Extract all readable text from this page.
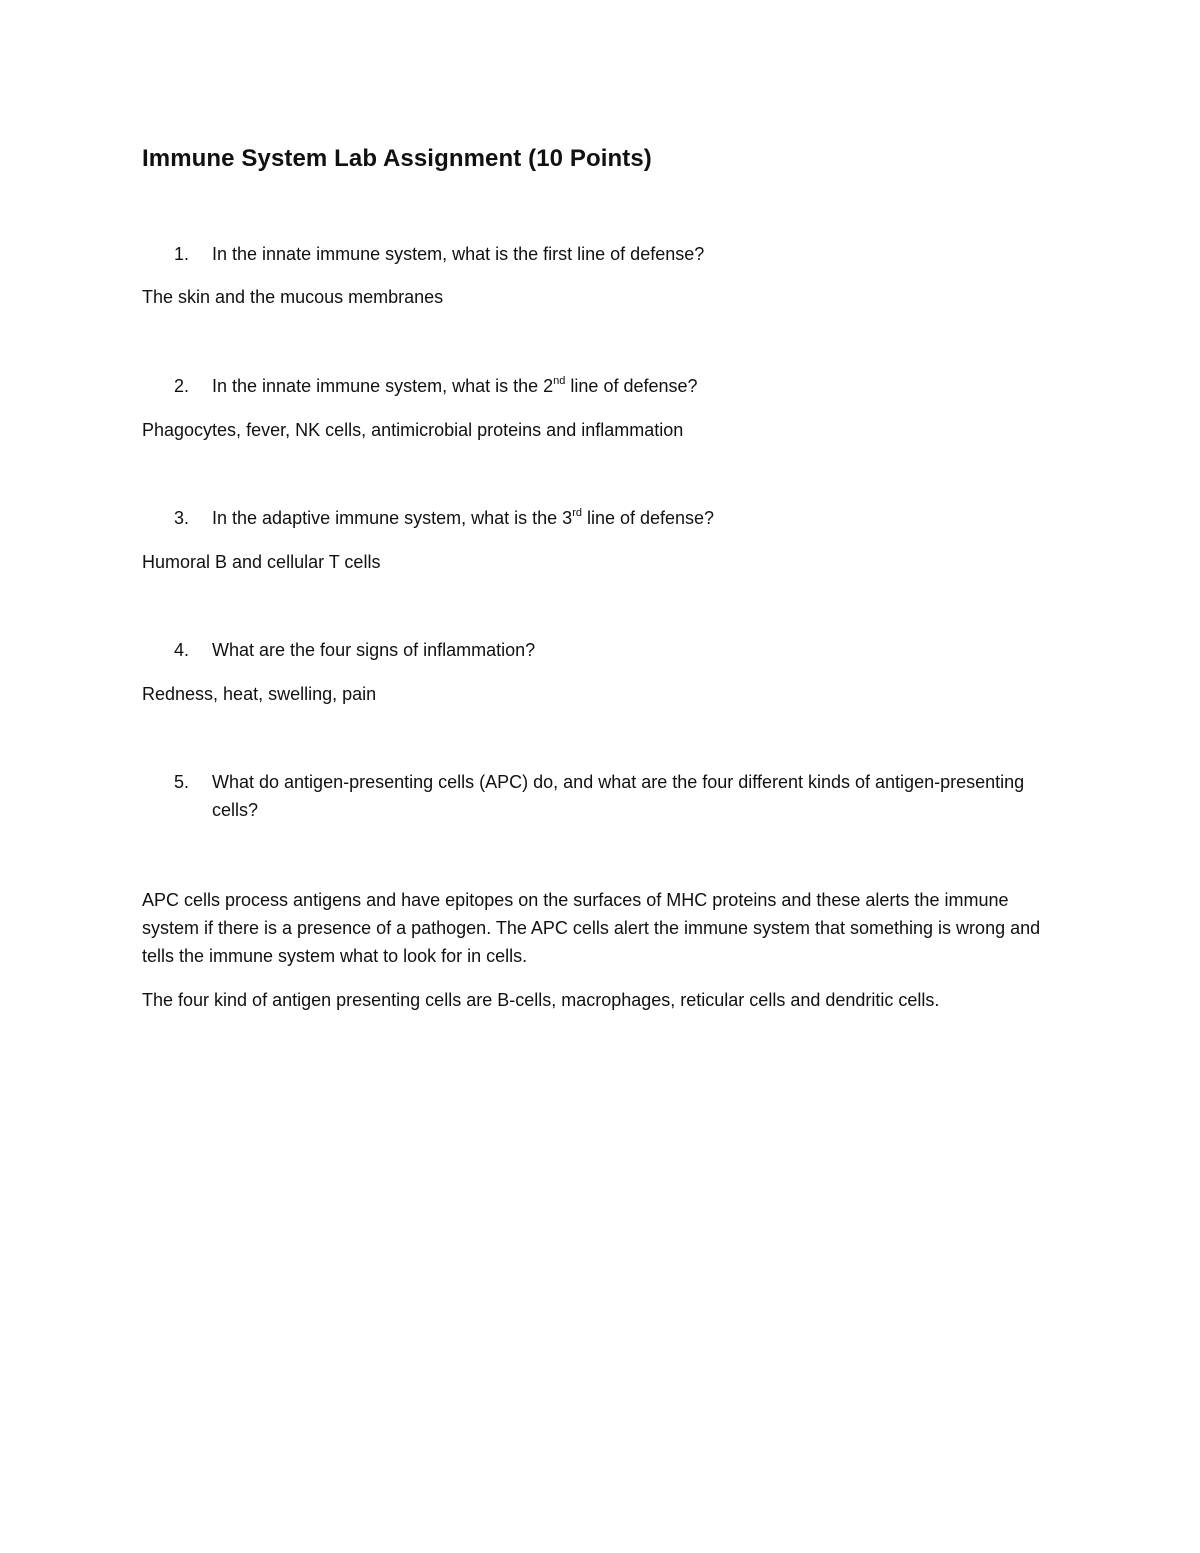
Immune System Lab Assignment (10 Points)
1.	In the innate immune system, what is the first line of defense?
The skin and the mucous membranes
2.	In the innate immune system, what is the 2nd line of defense?
Phagocytes, fever, NK cells, antimicrobial proteins and inflammation
3.	In the adaptive immune system, what is the 3rd line of defense?
Humoral B and cellular T cells
4.	What are the four signs of inflammation?
Redness, heat, swelling, pain
5.	What do antigen-presenting cells (APC) do, and what are the four different kinds of antigen-presenting cells?
APC cells process antigens and have epitopes on the surfaces of MHC proteins and these alerts the immune system if there is a presence of a pathogen. The APC cells alert the immune system that something is wrong and tells the immune system what to look for in cells.
The four kind of antigen presenting cells are B-cells, macrophages, reticular cells and dendritic cells.
